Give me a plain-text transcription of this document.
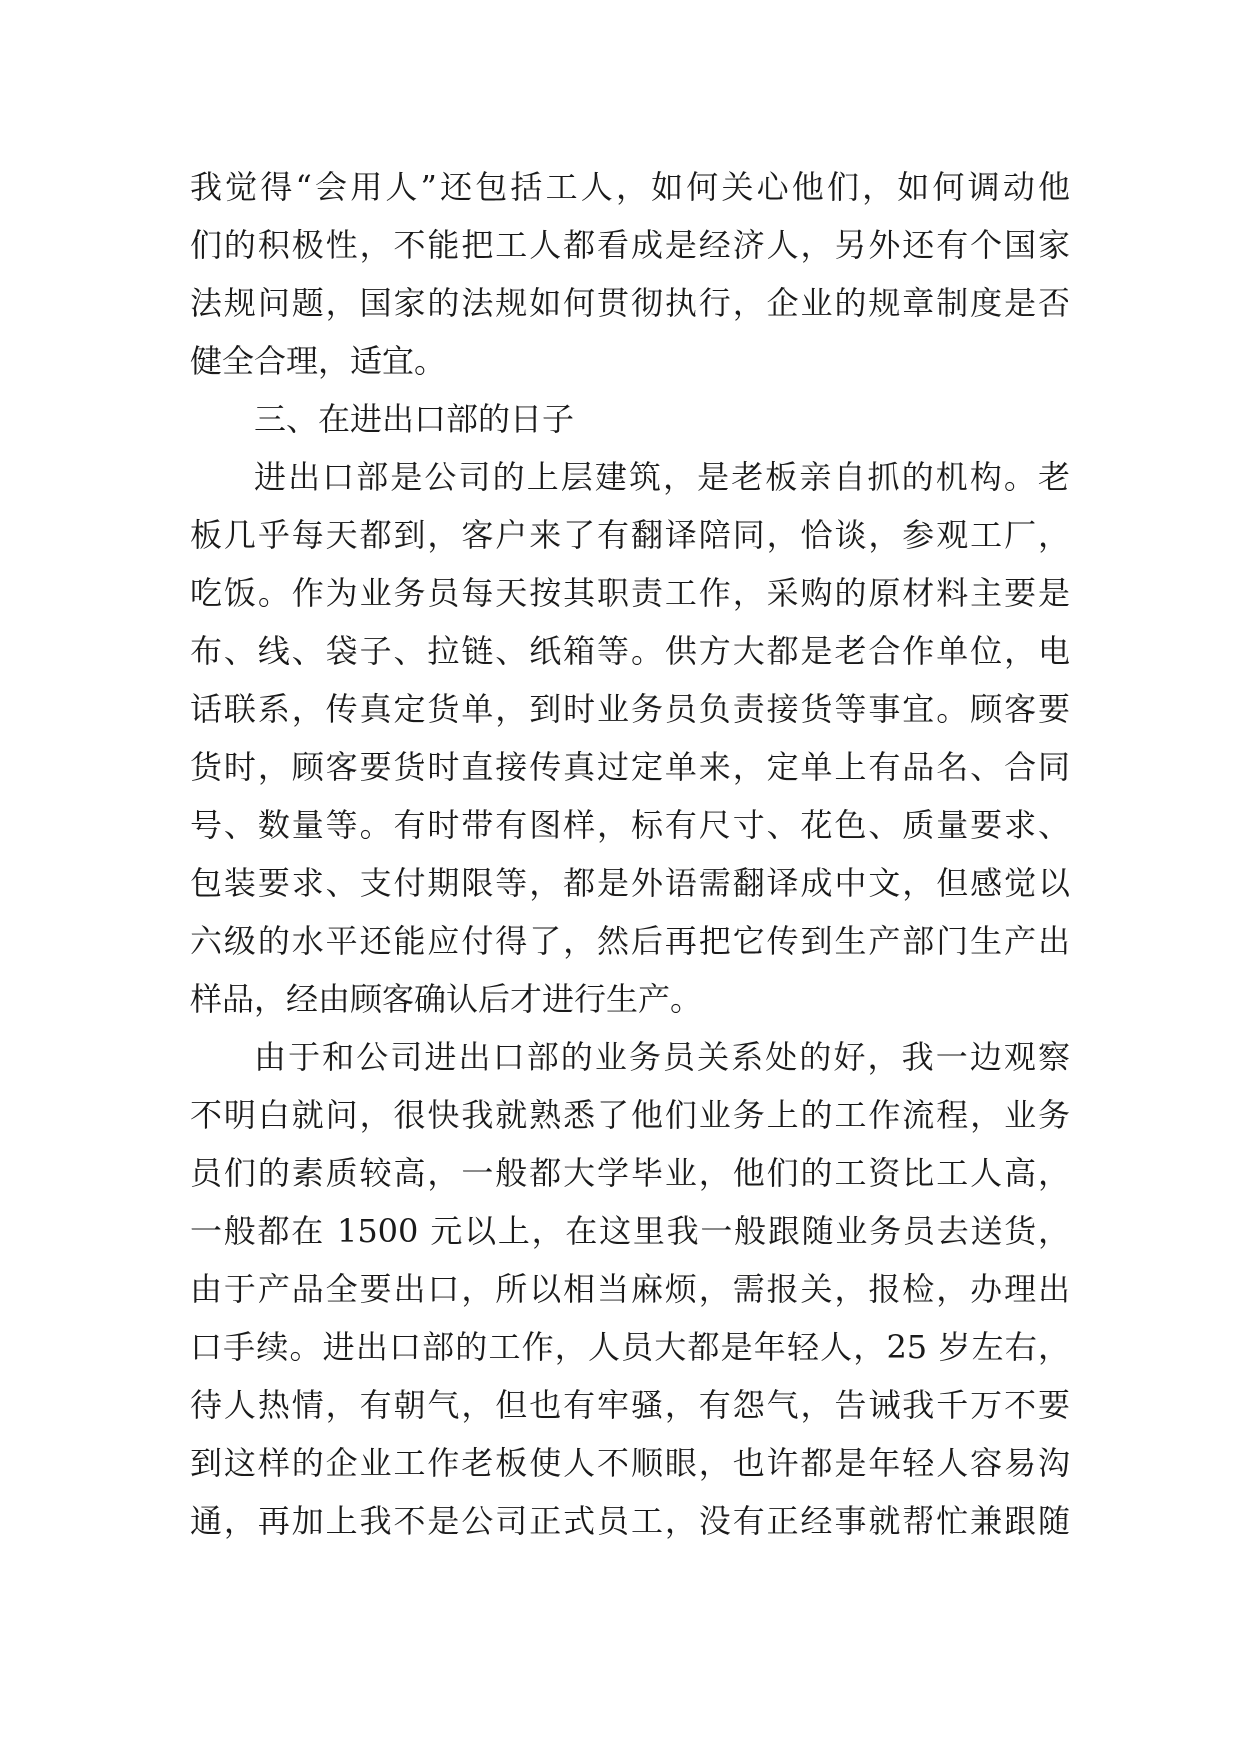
我觉得“会用人”还包括工人，如何关心他们，如何调动他
们的积极性，不能把工人都看成是经济人，另外还有个国家
法规问题，国家的法规如何贯彻执行，企业的规章制度是否
健全合理，适宜。
三、在进出口部的日子
进出口部是公司的上层建筑，是老板亲自抓的机构。老
板几乎每天都到，客户来了有翻译陪同，恰谈，参观工厂，
吃饭。作为业务员每天按其职责工作，采购的原材料主要是
布、线、袋子、拉链、纸箱等。供方大都是老合作单位，电
话联系，传真定货单，到时业务员负责接货等事宜。顾客要
货时，顾客要货时直接传真过定单来，定单上有品名、合同
号、数量等。有时带有图样，标有尺寸、花色、质量要求、
包装要求、支付期限等，都是外语需翻译成中文，但感觉以
六级的水平还能应付得了，然后再把它传到生产部门生产出
样品，经由顾客确认后才进行生产。
由于和公司进出口部的业务员关系处的好，我一边观察
不明白就问，很快我就熟悉了他们业务上的工作流程，业务
员们的素质较高，一般都大学毕业，他们的工资比工人高，
一般都在 1500 元以上，在这里我一般跟随业务员去送货，
由于产品全要出口，所以相当麻烦，需报关，报检，办理出
口手续。进出口部的工作，人员大都是年轻人，25 岁左右，
待人热情，有朝气，但也有牢骚，有怨气，告诫我千万不要
到这样的企业工作老板使人不顺眼，也许都是年轻人容易沟
通，再加上我不是公司正式员工，没有正经事就帮忙兼跟随
